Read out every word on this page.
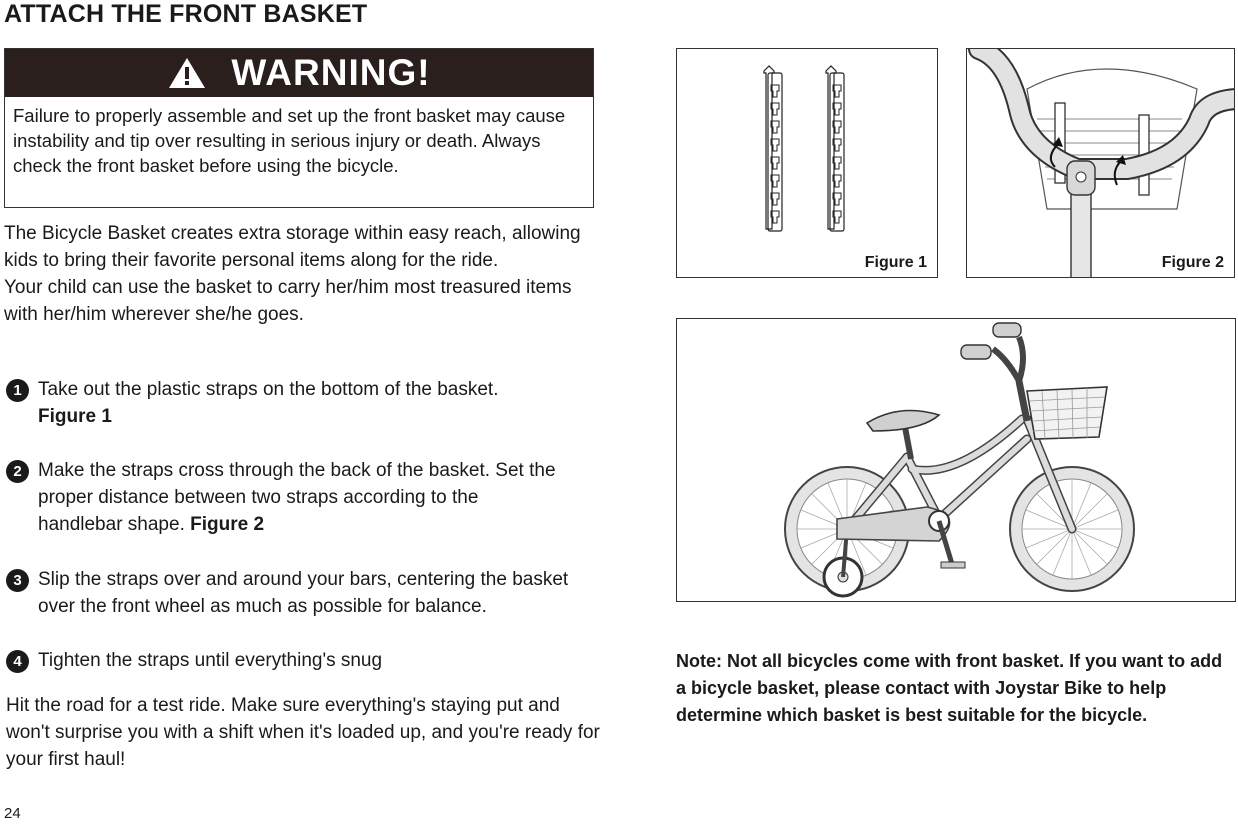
ATTACH THE FRONT BASKET
WARNING!
Failure to properly assemble and set up the front basket may cause instability and tip over resulting in serious injury or death. Always check the front basket before using the bicycle.
The Bicycle Basket creates extra storage within easy reach, allowing kids to bring their favorite personal items along for the ride.
Your child can use the basket to carry her/him most treasured items with her/him wherever she/he goes.
1 Take out the plastic straps on the bottom of the basket.
Figure 1
2 Make the straps cross through the back of the basket. Set the proper distance between two straps according to the handlebar shape. Figure 2
3 Slip the straps over and around your bars, centering the basket over the front wheel as much as possible for balance.
4 Tighten the straps until everything's snug
Hit the road for a test ride. Make sure everything's staying put and won't surprise you with a shift when it's loaded up, and you're ready for your first haul!
24
Figure 1	Figure 2
Note: Not all bicycles come with front basket. If you want to add a bicycle basket, please contact with Joystar Bike to help determine which basket is best suitable for the bicycle.
